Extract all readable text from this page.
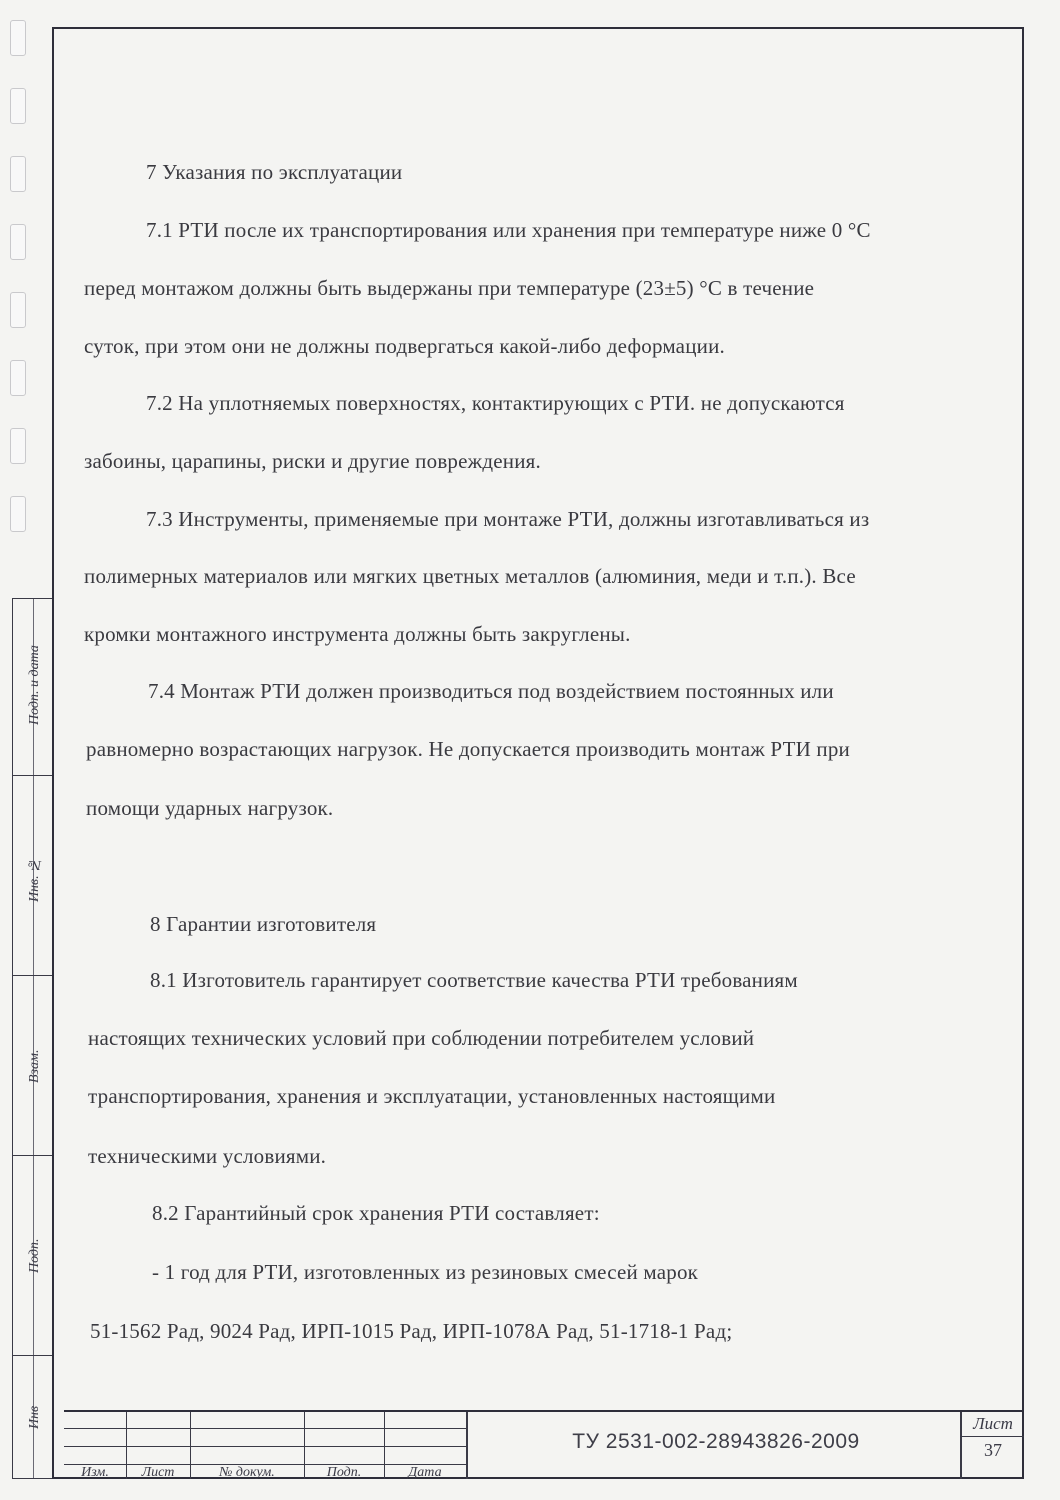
Подп. и дата
Инв. №
Взам.
Подп.
Инв
7 Указания по эксплуатации
7.1 РТИ после их транспортирования или хранения при температуре ниже 0 °С
перед монтажом должны быть выдержаны при температуре (23±5) °С в течение
суток, при этом они не должны подвергаться какой-либо деформации.
7.2 На уплотняемых поверхностях, контактирующих с РТИ. не допускаются
забоины, царапины, риски и другие повреждения.
7.3 Инструменты, применяемые при монтаже РТИ, должны изготавливаться из
полимерных материалов или мягких цветных металлов (алюминия, меди и т.п.). Все
кромки монтажного инструмента должны быть закруглены.
7.4 Монтаж РТИ должен производиться под воздействием постоянных или
равномерно возрастающих нагрузок. Не допускается производить монтаж РТИ при
помощи ударных нагрузок.
8 Гарантии изготовителя
8.1 Изготовитель гарантирует соответствие качества РТИ требованиям
настоящих технических условий при соблюдении потребителем условий
транспортирования, хранения и эксплуатации, установленных настоящими
техническими условиями.
8.2 Гарантийный срок хранения РТИ составляет:
- 1 год для РТИ, изготовленных из резиновых смесей марок
51-1562 Рад, 9024 Рад, ИРП-1015 Рад, ИРП-1078А Рад, 51-1718-1 Рад;
Изм.	Лист	№ докум.	Подп.	Дата
ТУ 2531-002-28943826-2009
Лист
37
